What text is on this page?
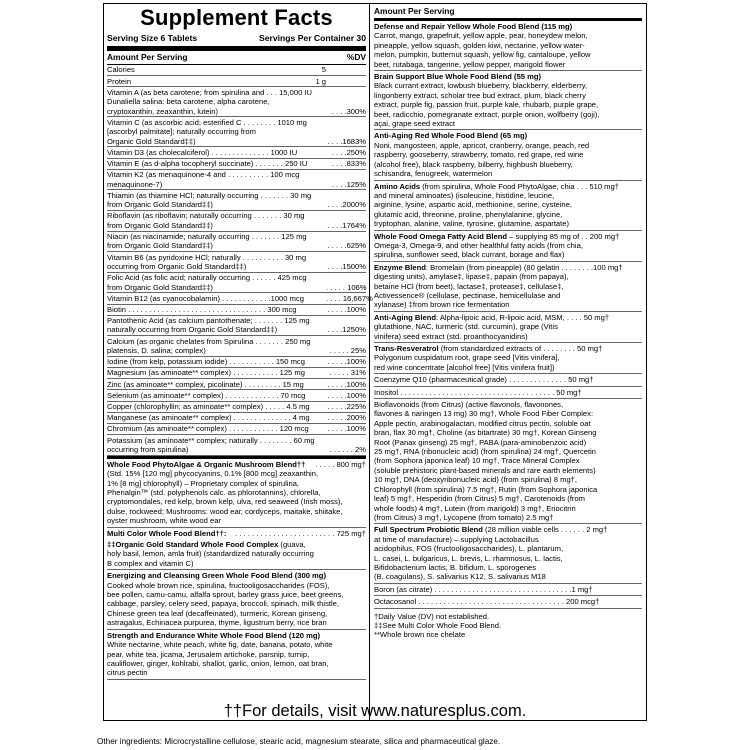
Supplement Facts
Serving Size 6 Tablets	Servings Per Container 30
Amount Per Serving	%DV
Calories	5
Protein	1 g
Vitamin A (as beta carotene; from spirulina and . . . 15,000 IU
Dunaliella salina: beta carotene, alpha carotene,
cryptoxanthin, zeaxanthin, lutein)	. . . .300%
Vitamin C (as ascorbic acid; esterified C . . . . . . . . 1010 mg
[ascorbyl palmitate]; naturally occurring from
Organic Gold Standard‡‡)	. . . .1683%
Vitamin D3 (as cholecalciferol) . . . . . . . . . . . . . . 1000 IU	. . . .250%
Vitamin E (as d-alpha tocopheryl succinate) . . . . . . . 250 IU	. . . .833%
Vitamin K2 (as menaquinone-4 and . . . . . . . . . . 100 mcg
menaquinone-7)	. . . .125%
Thiamin (as thiamine HCl; naturally occurring . . . . . . . 30 mg
from Organic Gold Standard‡‡)	. . . .2000%
Riboflavin (as riboflavin; naturally occurring . . . . . . . 30 mg
from Organic Gold Standard‡‡)	. . . .1764%
Niacin (as niacinamide; naturally occurring . . . . . . . 125 mg
from Organic Gold Standard‡‡)	. . . . .625%
Vitamin B6 (as pyridoxine HCl; naturally . . . . . . . . . . 30 mg
occurring from Organic Gold Standard‡‡)	. . . .1500%
Folic Acid (as folic acid; naturally occurring . . . . . . 425 mcg
from Organic Gold Standard‡‡)	. . . . . 106%
Vitamin B12 (as cyanocobalamin) . . . . . . . . . . . .1000 mcg	. . . . 16,667%
Biotin . . . . . . . . . . . . . . . . . . . . . . . . . . . . . . . . . 300 mcg	. . . . .100%
Pantothenic Acid (as calcium pantothenate; . . . . . . . 125 mg
naturally occurring from Organic Gold Standard‡‡)	. . . .1250%
Calcium (as organic chelates from Spirulina . . . . . . . 250 mg
platensis, D. salina; complex)	. . . . . 25%
Iodine (from kelp, potassium iodide) . . . . . . . . . . . 150 mcg	. . . . .100%
Magnesium (as aminoate** complex) . . . . . . . . . . . 125 mg	. . . . . 31%
Zinc (as aminoate** complex, picolinate) . . . . . . . . . 15 mg	. . . . .100%
Selenium (as aminoate** complex) . . . . . . . . . . . . . 70 mcg	. . . . .100%
Copper (chlorophyllin; as aminoate** complex) . . . . . 4.5 mg	. . . . .225%
Manganese (as aminoate** complex) . . . . . . . . . . . . . . 4 mg	. . . . .200%
Chromium (as aminoate** complex) . . . . . . . . . . . . 120 mcg	. . . . .100%
Potassium (as aminoate** complex; naturally . . . . . . . . 60 mg
occurring from spirulina)	. . . . . . 2%
Whole Food PhytoAlgae & Organic Mushroom Blend†† . . . . . 800 mg†
(Std. 15% [120 mg] phycocyanins, 0.1% [800 mcg] zeaxanthin,
1% [8 mg] chlorophyll) – Proprietary complex of spirulina,
Phenalgin™ (std. polyphenols calc. as phlorotannins), chlorella,
cryptomondales, red kelp, brown kelp, ulva, red seaweed (Irish moss),
dulse, rockweed; Mushrooms: wood ear, cordyceps, maitake, shiitake,
oyster mushroom, white wood ear
Multi Color Whole Food Blend††: . . . . . . . . . . . . . . . . . . . . . . . . 725 mg†
‡‡Organic Gold Standard Whole Food Complex (guava,
holy basil, lemon, amla fruit) (standardized naturally occurring
B complex and vitamin C)
Energizing and Cleansing Green Whole Food Blend (300 mg)
Cooked whole brown rice, spirulina, fructooligosaccharides (FOS),
bee pollen, camu-camu, alfalfa sprout, barley grass juice, beet greens,
cabbage, parsley, celery seed, papaya, broccoli, spinach, milk thistle,
Chinese green tea leaf (decaffeinated), turmeric, Korean ginseng,
astragalus, Echinacea purpurea, thyme, ligustrum berry, rice bran
Strength and Endurance White Whole Food Blend (120 mg)
White nectarine, white peach, white fig, date, banana, potato, white
pear, white tea, jicama, Jerusalem artichoke, parsnip, turnip,
cauliflower, ginger, kohlrabi, shallot, garlic, onion, lemon, oat bran,
citrus pectin
Amount Per Serving
Defense and Repair Yellow Whole Food Blend (115 mg)
Carrot, mango, grapefruit, yellow apple, pear, honeydew melon,
pineapple, yellow squash, golden kiwi, nectarine, yellow water-
melon, pumpkin, butternut squash, yellow fig, cantaloupe, yellow
beet, rutabaga, tangerine, yellow pepper, marigold flower
Brain Support Blue Whole Food Blend (55 mg)
Black currant extract, lowbush blueberry, blackberry, elderberry,
lingonberry extract, scholar tree bud extract, plum, black cherry
extract, purple fig, passion fruit, purple kale, rhubarb, purple grape,
beet, radicchio, pomegranate extract, purple onion, wolfberry (goji),
açai, grape seed extract
Anti-Aging Red Whole Food Blend (65 mg)
Noni, mangosteen, apple, apricot, cranberry, orange, peach, red
raspberry, gooseberry, strawberry, tomato, red grape, red wine
(alcohol free), black raspberry, bilberry, highbush blueberry,
schisandra, fenugreek, watermelon
Amino Acids (from spirulina, Whole Food PhytoAlgae, chia . . . 510 mg†
and mineral aminoates) (isoleucine, histidine, leucine,
arginine, lysine, aspartic acid, methionine, serine, cysteine,
glutamic acid, threonine, proline, phenylalanine, glycine,
tryptophan, alanine, valine, tyrosine, glutamine, aspartate)
Whole Food Omega Fatty Acid Blend – supplying 85 mg of . . 200 mg†
Omega-3, Omega-9, and other healthful fatty acids (from chia,
spirulina, sunflower seed, black currant, borage and flax)
Enzyme Blend: Bromelain (from pineapple) (80 gelatin . . . . . . . .100 mg†
digesting units), amylase‡, lipase‡, papain (from papaya),
betaine HCl (from beet), lactase‡, protease‡, cellulase‡,
Activessence® (cellulase, pectinase, hemicellulase and
xylanase) ‡from brown rice fermentation
Anti-Aging Blend: Alpha-lipoic acid, R-lipoic acid, MSM, . . . . 50 mg†
glutathione, NAC, turmeric (std. curcumin), grape (Vitis
vinifera) seed extract (std. proanthocyanidins)
Trans-Resveratrol (from standardized extracts of . . . . . . . . 50 mg†
Polygonum cuspidatum root, grape seed [Vitis vinifera],
red wine concentrate [alcohol free] [Vitis vinifera fruit])
Coenzyme Q10 (pharmaceutical grade) . . . . . . . . . . . . . . 50 mg†
Inositol . . . . . . . . . . . . . . . . . . . . . . . . . . . . . . . . . . . . . 50 mg†
Bioflavonoids (from Citrus) (active flavonols, flavonones,
flavones & naringen 13 mg) 30 mg†, Whole Food Fiber Complex:
Apple pectin, arabinogalactan, modified citrus pectin, soluble oat
bran, flax 30 mg†, Choline (as bitartrate) 30 mg†, Korean Ginseng
Root (Panax ginseng) 25 mg†, PABA (para-aminobenzoic acid)
25 mg†, RNA (ribonucleic acid) (from spirulina) 24 mg†, Quercetin
(from Sophora japonica leaf) 10 mg†, Trace Mineral Complex
(soluble prehistoric plant-based minerals and rare earth elements)
10 mg†, DNA (deoxyribonucleic acid) (from spirulina) 8 mg†,
Chlorophyll (from spirulina) 7.5 mg†, Rutin (from Sophora japonica
leaf) 5 mg†, Hesperidin (from Citrus) 5 mg†, Carotenoids (from
whole foods) 4 mg†, Lutein (from marigold) 3 mg†, Eriocitrin
(from Citrus) 3 mg†, Lycopene (from tomato) 2.5 mg†
Full Spectrum Probiotic Blend (28 million viable cells . . . . . . 2 mg†
at time of manufacture) – supplying Lactobacillus
acidophilus, FOS (fructooligosaccharides), L. plantarum,
L. casei, L. bulgaricus, L. brevis, L. rhamnosus, L. lactis,
Bifidobacterium lactis, B. bifidum, L. sporogenes
(B. coagulans), S. salivarius K12, S. salivarius M18
Boron (as citrate) . . . . . . . . . . . . . . . . . . . . . . . . . . . . . . . . .1 mg†
Octacosanol . . . . . . . . . . . . . . . . . . . . . . . . . . . . . . . . . . . 200 mcg†
†Daily Value (DV) not established.
‡‡See Multi Color Whole Food Blend.
**Whole brown rice chelate
††For details, visit www.naturesplus.com.
Other ingredients: Microcrystalline cellulose, stearic acid, magnesium stearate, silica and pharmaceutical glaze.
